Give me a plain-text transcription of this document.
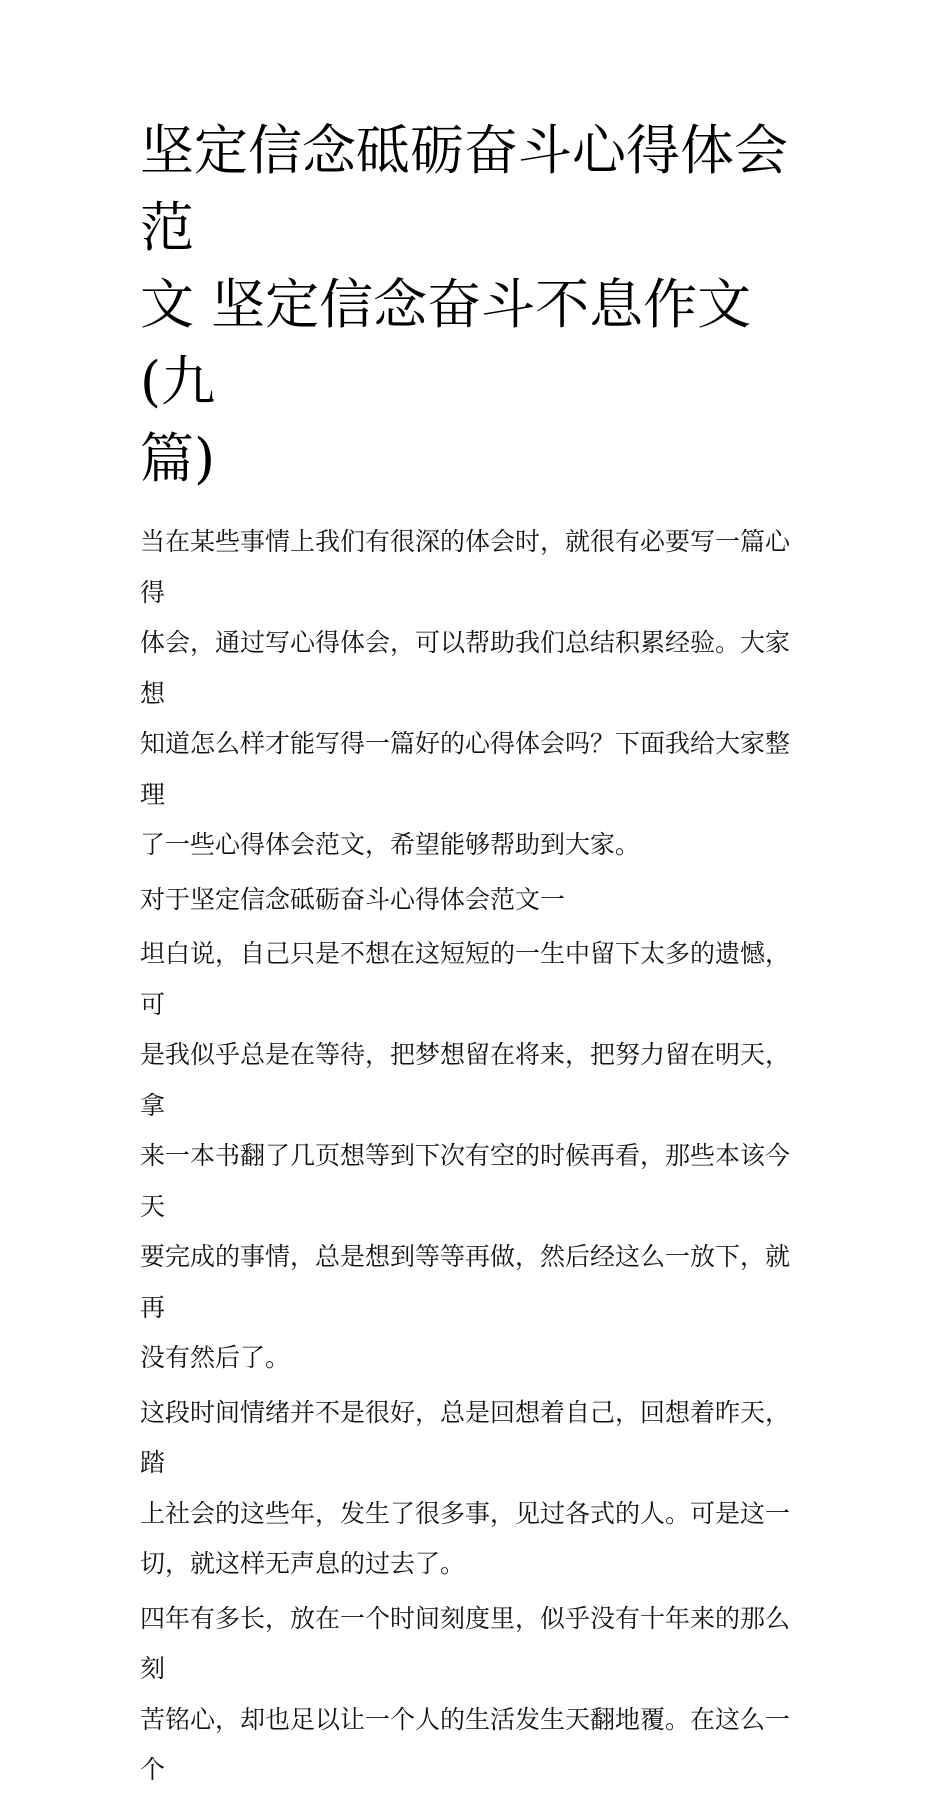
坚定信念砥砺奋斗心得体会范
文 坚定信念奋斗不息作文(九
篇)

当在某些事情上我们有很深的体会时，就很有必要写一篇心得
体会，通过写心得体会，可以帮助我们总结积累经验。大家想
知道怎么样才能写得一篇好的心得体会吗？下面我给大家整理
了一些心得体会范文，希望能够帮助到大家。

对于坚定信念砥砺奋斗心得体会范文一

坦白说，自己只是不想在这短短的一生中留下太多的遗憾，可
是我似乎总是在等待，把梦想留在将来，把努力留在明天，拿
来一本书翻了几页想等到下次有空的时候再看，那些本该今天
要完成的事情，总是想到等等再做，然后经这么一放下，就再
没有然后了。

这段时间情绪并不是很好，总是回想着自己，回想着昨天，踏
上社会的这些年，发生了很多事，见过各式的人。可是这一
切，就这样无声息的过去了。

四年有多长，放在一个时间刻度里，似乎没有十年来的那么刻
苦铭心，却也足以让一个人的生活发生天翻地覆。在这么一个
